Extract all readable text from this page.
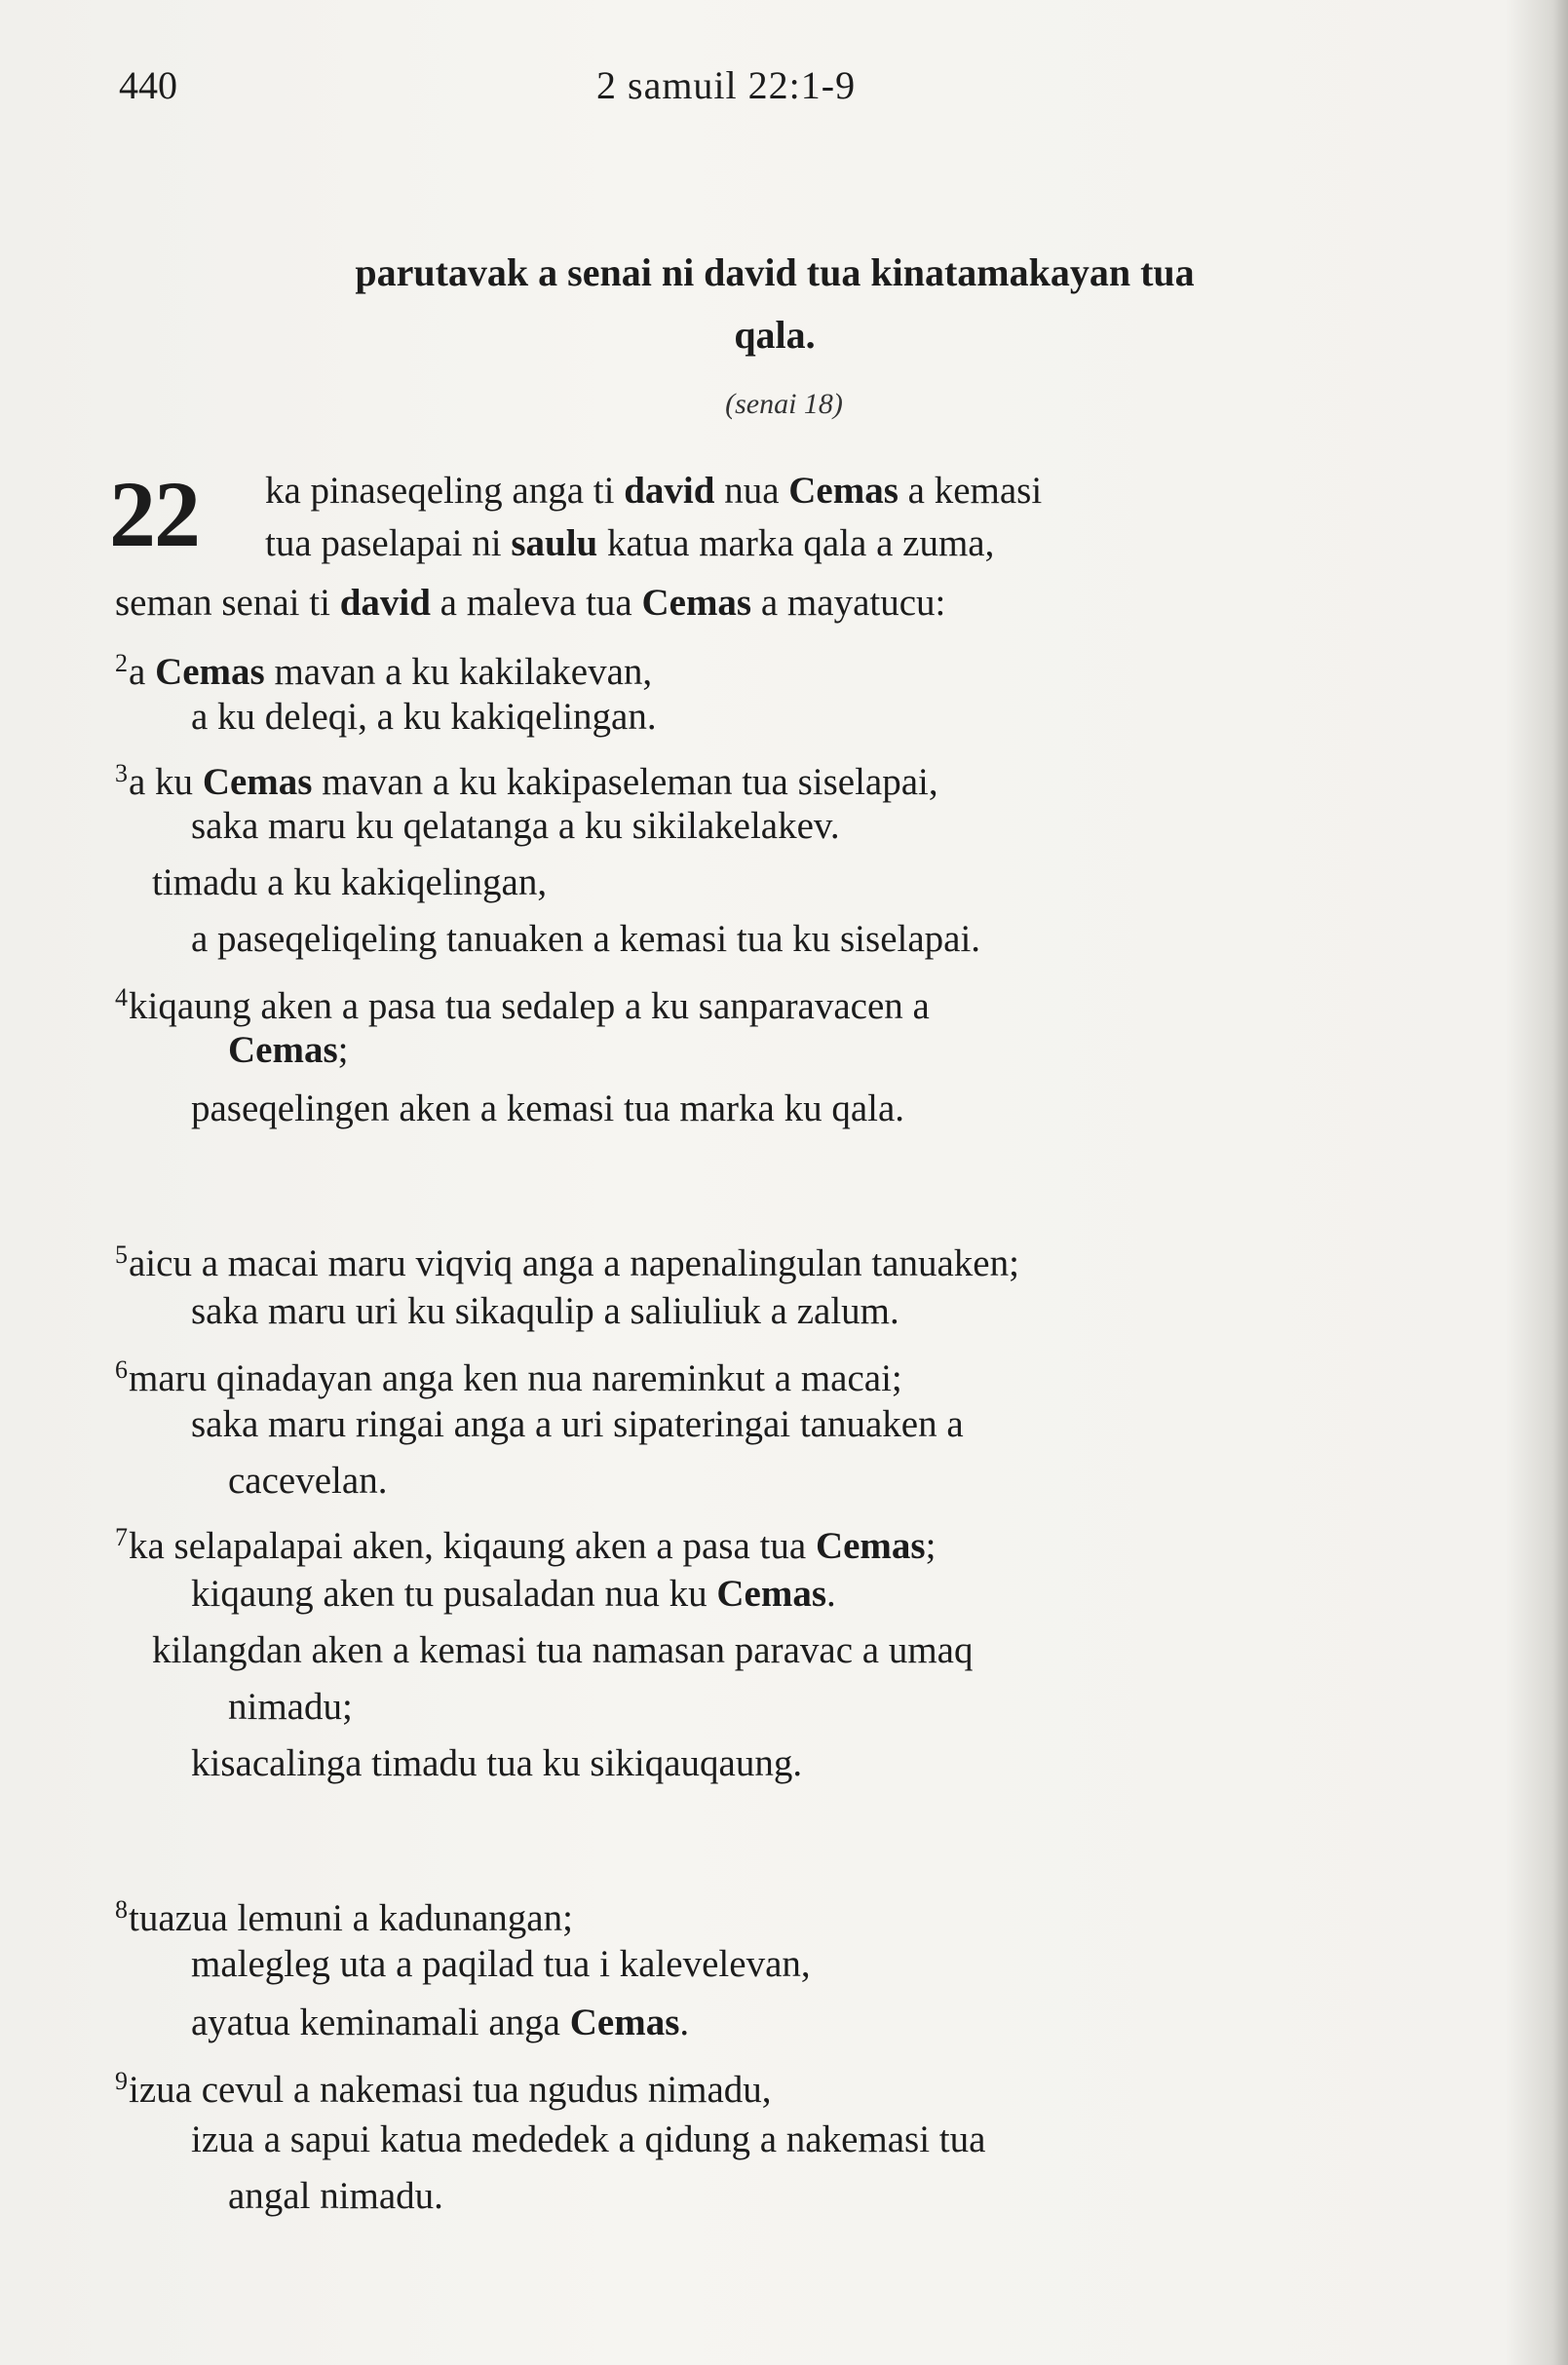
440	2 samuil 22:1-9
parutavak a senai ni david tua kinatamakayan tua
qala.
(senai 18)
22 ka pinaseqeling anga ti david nua Cemas a kemasi
tua paselapai ni saulu katua marka qala a zuma,
seman senai ti david a maleva tua Cemas a mayatucu:
$^2$a Cemas mavan a ku kakilakevan,
a ku deleqi, a ku kakiqelingan.
$^3$a ku Cemas mavan a ku kakipaseleman tua siselapai,
saka maru ku qelatanga a ku sikilakelakev.
timadu a ku kakiqelingan,
a paseqeliqeling tanuaken a kemasi tua ku siselapai.
$^4$kiqaung aken a pasa tua sedalep a ku sanparavacen a
Cemas;
paseqelingen aken a kemasi tua marka ku qala.
$^5$aicu a macai maru viqviq anga a napenalingulan tanuaken;
saka maru uri ku sikaqulip a saliuliuk a zalum.
$^6$maru qinadayan anga ken nua nareminkut a macai;
saka maru ringai anga a uri sipateringai tanuaken a
cacevelan.
$^7$ka selapalapai aken, kiqaung aken a pasa tua Cemas;
kiqaung aken tu pusaladan nua ku Cemas.
kilangdan aken a kemasi tua namasan paravac a umaq
nimadu;
kisacalinga timadu tua ku sikiqauqaung.
$^8$tuazua lemuni a kadunangan;
malegleg uta a paqilad tua i kalevelevan,
ayatua keminamali anga Cemas.
$^9$izua cevul a nakemasi tua ngudus nimadu,
izua a sapui katua mededek a qidung a nakemasi tua
angal nimadu.
